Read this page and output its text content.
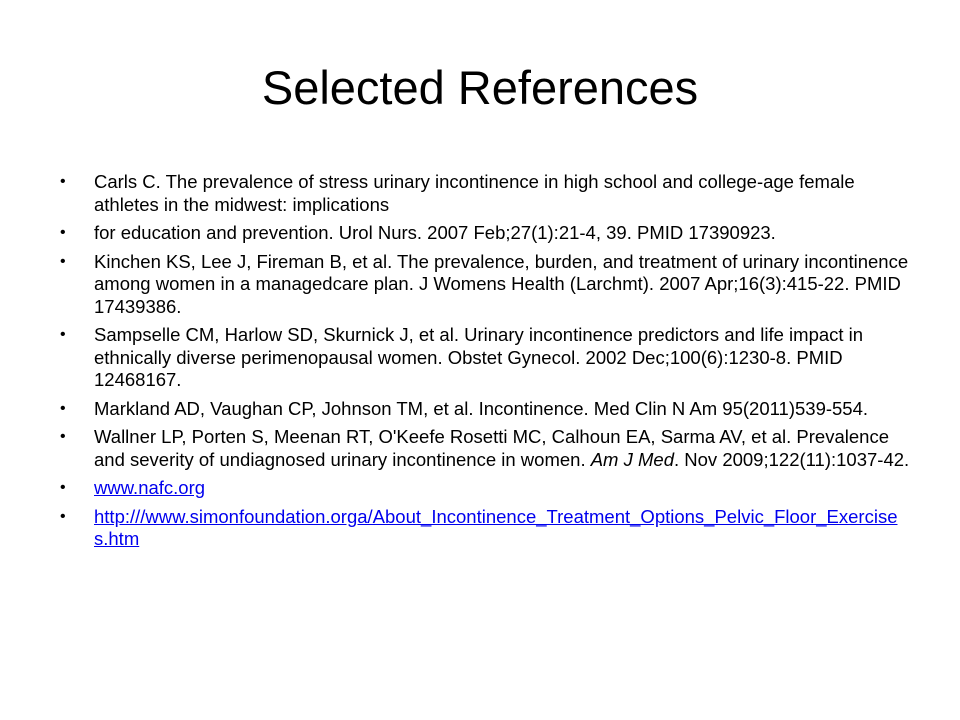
Selected References
•	Carls C. The prevalence of stress urinary incontinence in high school and college-age female athletes in the midwest: implications
•	for education and prevention. Urol Nurs. 2007 Feb;27(1):21-4, 39. PMID 17390923.
•	Kinchen KS, Lee J, Fireman B, et al. The prevalence, burden, and treatment of urinary incontinence among women in a managedcare plan. J Womens Health (Larchmt). 2007 Apr;16(3):415-22. PMID 17439386.
•	Sampselle CM, Harlow SD, Skurnick J, et al. Urinary incontinence predictors and life impact in ethnically diverse perimenopausal women. Obstet Gynecol. 2002 Dec;100(6):1230-8. PMID 12468167.
•	Markland AD, Vaughan CP, Johnson TM, et al. Incontinence. Med Clin N Am 95(2011)539-554.
•	Wallner LP, Porten S, Meenan RT, O'Keefe Rosetti MC, Calhoun EA, Sarma AV, et al. Prevalence and severity of undiagnosed urinary incontinence in women. Am J Med. Nov 2009;122(11):1037-42.
•	www.nafc.org
•	http:///www.simonfoundation.orga/About_Incontinence_Treatment_Options_Pelvic_Floor_Exercises.htm
